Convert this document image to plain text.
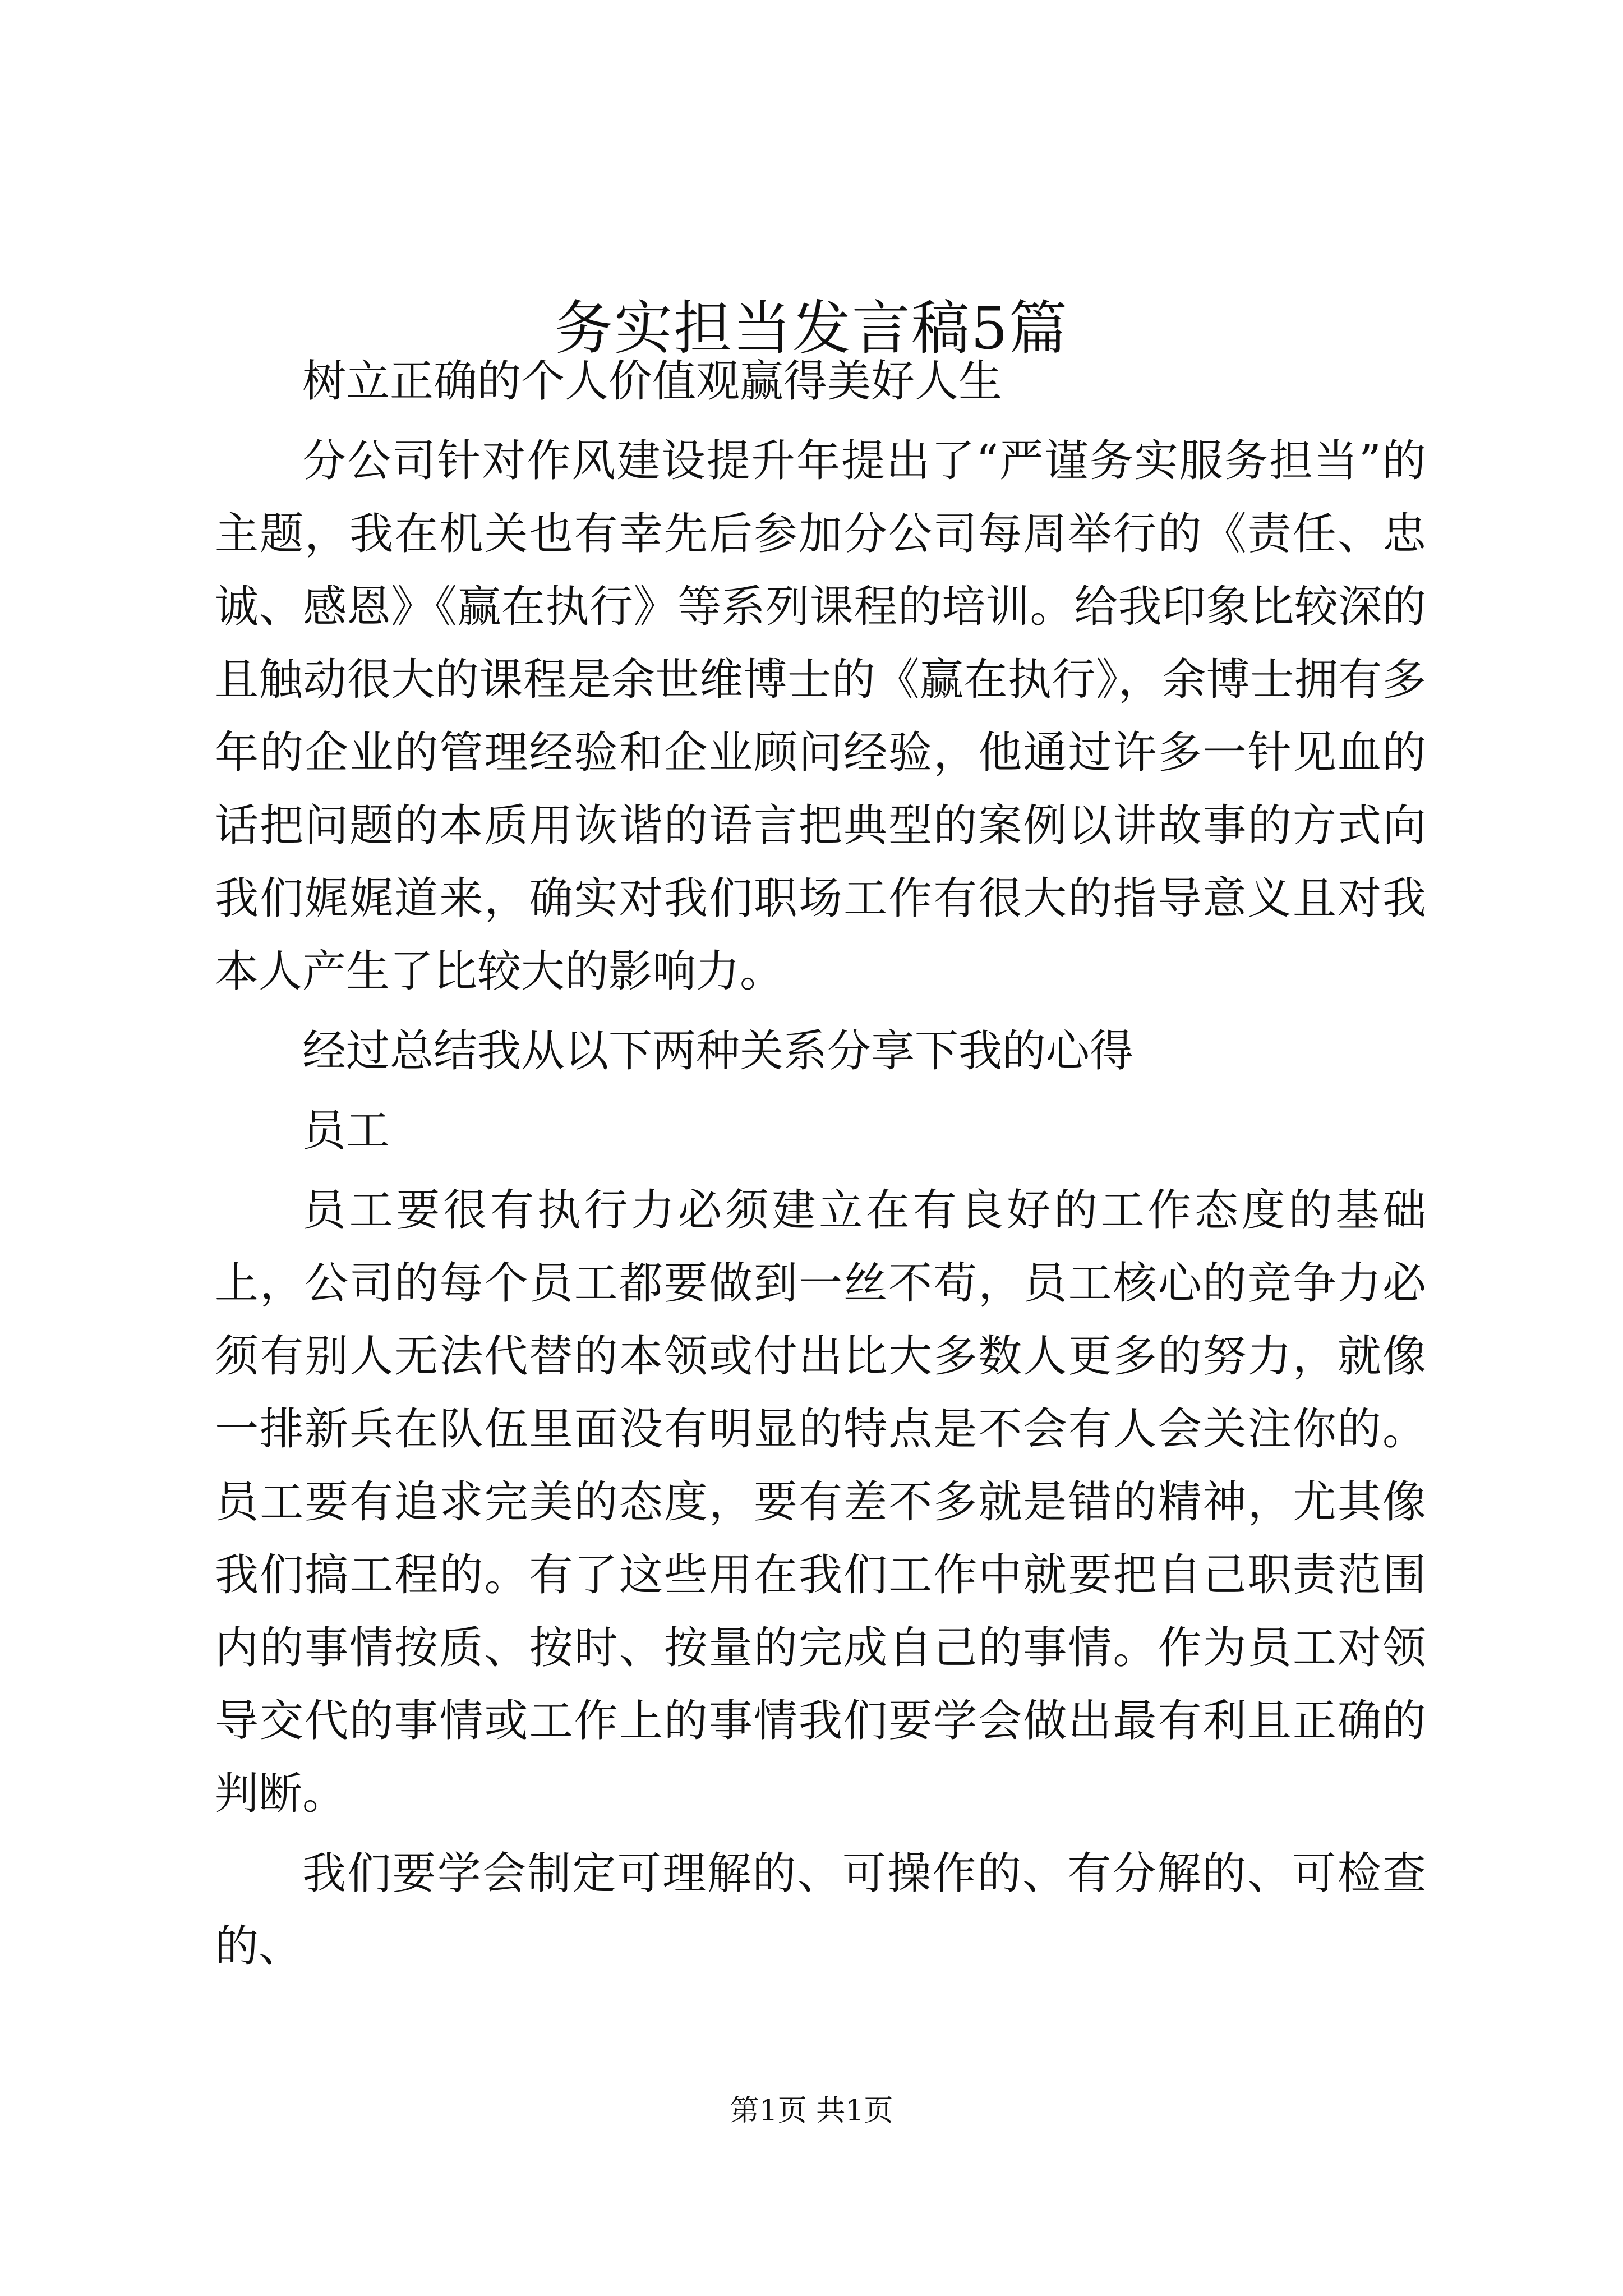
务实担当发言稿5篇

树立正确的个人价值观赢得美好人生

分公司针对作风建设提升年提出了“严谨务实服务担当”的主题，我在机关也有幸先后参加分公司每周举行的《责任、忠诚、感恩》《赢在执行》等系列课程的培训。给我印象比较深的且触动很大的课程是余世维博士的《赢在执行》，余博士拥有多年的企业的管理经验和企业顾问经验，他通过许多一针见血的话把问题的本质用诙谐的语言把典型的案例以讲故事的方式向我们娓娓道来，确实对我们职场工作有很大的指导意义且对我本人产生了比较大的影响力。

经过总结我从以下两种关系分享下我的心得

员工

员工要很有执行力必须建立在有良好的工作态度的基础上，公司的每个员工都要做到一丝不苟，员工核心的竞争力必须有别人无法代替的本领或付出比大多数人更多的努力，就像一排新兵在队伍里面没有明显的特点是不会有人会关注你的。员工要有追求完美的态度，要有差不多就是错的精神，尤其像我们搞工程的。有了这些用在我们工作中就要把自己职责范围内的事情按质、按时、按量的完成自己的事情。作为员工对领导交代的事情或工作上的事情我们要学会做出最有利且正确的判断。

我们要学会制定可理解的、可操作的、有分解的、可检查的、

第1页 共1页
